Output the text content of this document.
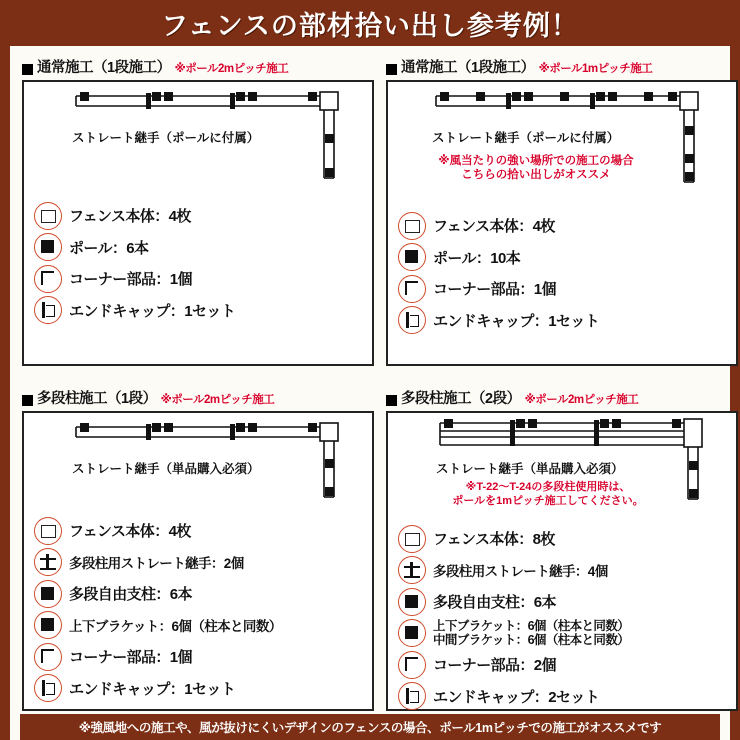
フェンスの部材拾い出し参考例！
通常施工（1段施工） ※ポール2mピッチ施工
ストレート継手（ポールに付属）
フェンス本体：4枚
ポール：6本
コーナー部品：1個
エンドキャップ：1セット
通常施工（1段施工） ※ポール1mピッチ施工
ストレート継手（ポールに付属）
※風当たりの強い場所での施工の場合
こちらの拾い出しがオススメ
フェンス本体：4枚
ポール：10本
コーナー部品：1個
エンドキャップ：1セット
多段柱施工（1段） ※ポール2mピッチ施工
ストレート継手（単品購入必須）
フェンス本体：4枚
多段柱用ストレート継手：2個
多段自由支柱：6本
上下ブラケット：6個（柱本と同数）
コーナー部品：1個
エンドキャップ：1セット
多段柱施工（2段） ※ポール2mピッチ施工
ストレート継手（単品購入必須）
※T-22〜T-24の多段柱使用時は、
ポールを1mピッチ施工してください。
フェンス本体：8枚
多段柱用ストレート継手：4個
多段自由支柱：6本
上下ブラケット：6個（柱本と同数）
中間ブラケット：6個（柱本と同数）
コーナー部品：2個
エンドキャップ：2セット
※強風地への施工や、風が抜けにくいデザインのフェンスの場合、ポール1mピッチでの施工がオススメです
